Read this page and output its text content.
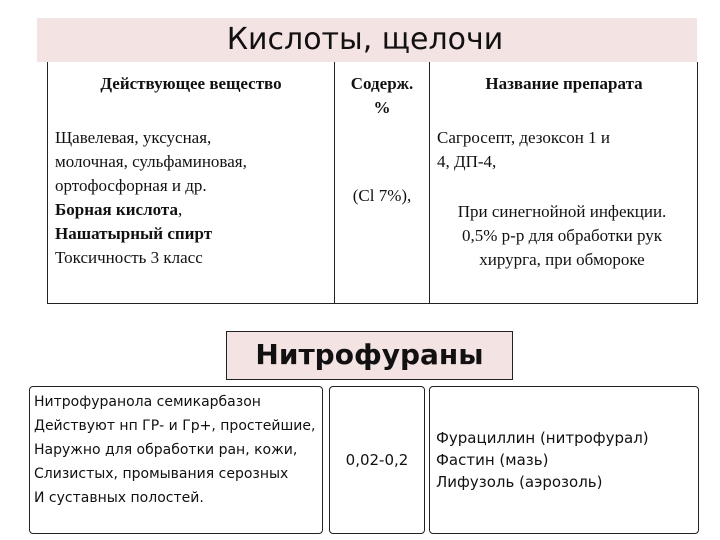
Кислоты, щелочи
Действующее вещество	Содерж.
%
Название препарата
Щавелевая, уксусная,
молочная, сульфаминовая,
ортофосфорная и др.
Борная кислота,
Нашатырный спирт
Токсичность 3 класс
(Cl 7%),
Сагросепт, дезоксон 1 и
4, ДП-4,
При синегнойной инфекции.
0,5% р-р для обработки рук
хирурга, при обмороке
Нитрофураны
Нитрофуранола семикарбазон
Действуют нп ГР- и Гр+, простейшие,
Наружно для обработки ран, кожи,
Слизистых, промывания серозных
И суставных полостей.
0,02-0,2
Фурациллин (нитрофурал)
Фастин (мазь)
Лифузоль (аэрозоль)
